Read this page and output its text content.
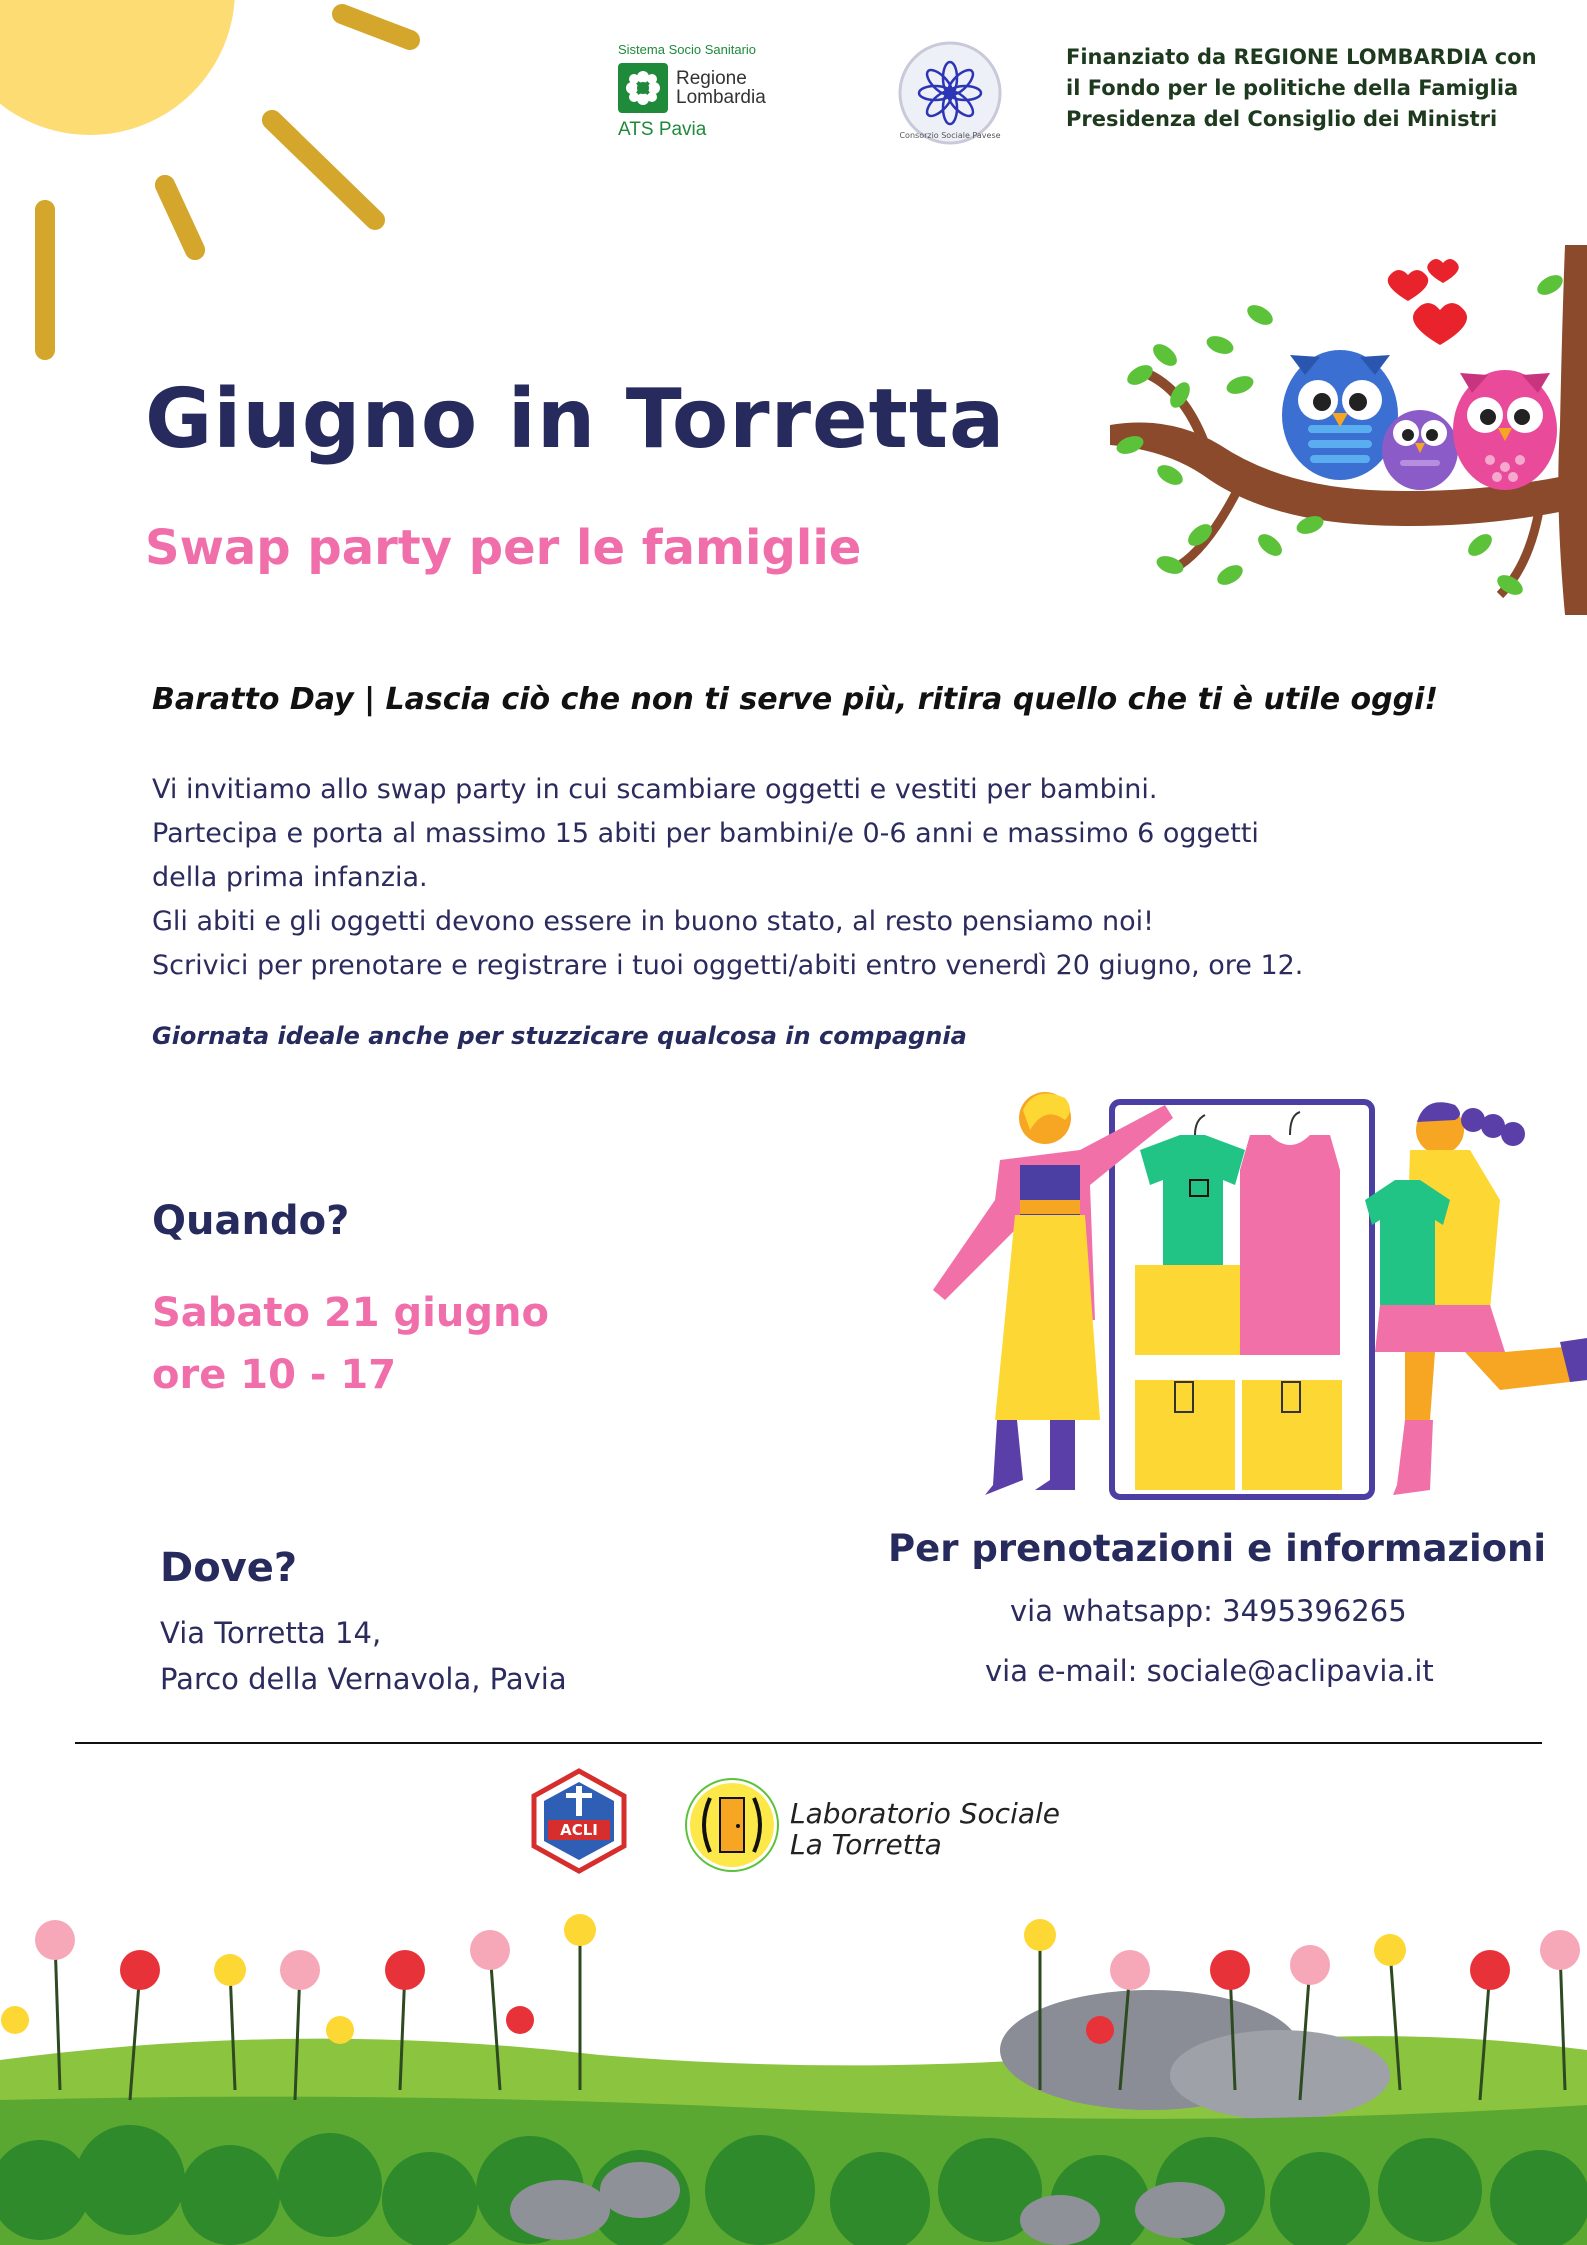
Sistema Socio Sanitario
Regione
Lombardia
ATS Pavia	Consorzio Sociale Pavese
Finanziato da REGIONE LOMBARDIA con
il Fondo per le politiche della Famiglia
Presidenza del Consiglio dei Ministri
Giugno in Torretta
Swap party per le famiglie
Baratto Day | Lascia ciò che non ti serve più, ritira quello che ti è utile oggi!

Vi invitiamo allo swap party in cui scambiare oggetti e vestiti per bambini.

Partecipa e porta al massimo 15 abiti per bambini/e 0-6 anni e massimo 6 oggetti

della prima infanzia.

Gli abiti e gli oggetti devono essere in buono stato, al resto pensiamo noi!

Scrivici per prenotare e registrare i tuoi oggetti/abiti entro venerdì 20 giugno, ore 12.

Giornata ideale anche per stuzzicare qualcosa in compagnia
Quando?
Sabato 21 giugno
ore 10 - 17
Dove?
Via Torretta 14,
Parco della Vernavola, Pavia
Per prenotazioni e informazioni
via whatsapp: 3495396265
via e-mail: sociale@aclipavia.it
ACLI	Laboratorio Sociale
La Torretta
